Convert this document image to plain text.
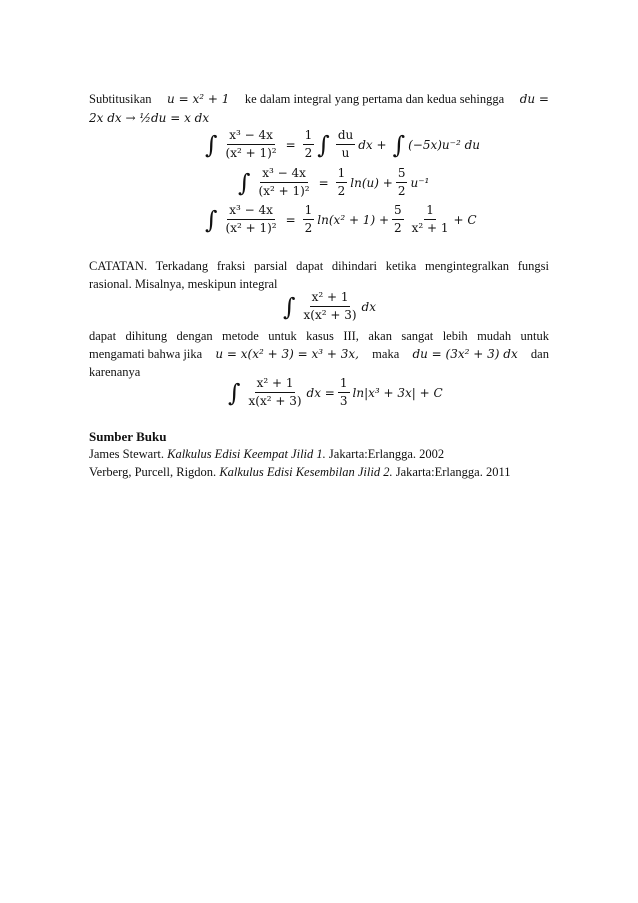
Subtitusikan u = x² + 1 ke dalam integral yang pertama dan kedua sehingga du =
2x dx → ½du = x dx
∫ $\frac{\text{x³ − 4x}}{\text{(x² + 1)²}} = \frac{1}{2}$ ∫ $\frac{du}{u}$ dx + ∫ (−5x)u⁻² du
∫ $\frac{\text{x³ − 4x}}{\text{(x² + 1)²}} = \frac{1}{2} \ln(u) + \frac{5}{2} u^{-1}$
∫ $\frac{\text{x³ − 4x}}{\text{(x² + 1)²}} = \frac{1}{2} \ln(x^2 + 1) + \frac{5}{2} \frac{1}{\text{x² + 1}} + C$
CATATAN. Terkadang fraksi parsial dapat dihindari ketika mengintegralkan fungsi rasional. Misalnya, meskipun integral
∫ $\frac{\text{x² + 1}}{\text{x(x² + 3)}}$ dx
dapat dihitung dengan metode untuk kasus III, akan sangat lebih mudah untuk
mengamati bahwa jika u = x(x² + 3) = x³ + 3x, maka du = (3x² + 3) dx dan
karenanya
∫ $\frac{\text{x² + 1}}{\text{x(x² + 3)}}$ dx = $\frac{1}{3} \ln|x^3 + 3x| + C$
Sumber Buku
James Stewart. Kalkulus Edisi Keempat Jilid 1. Jakarta:Erlangga. 2002
Verberg, Purcell, Rigdon. Kalkulus Edisi Kesembilan Jilid 2. Jakarta:Erlangga. 2011
